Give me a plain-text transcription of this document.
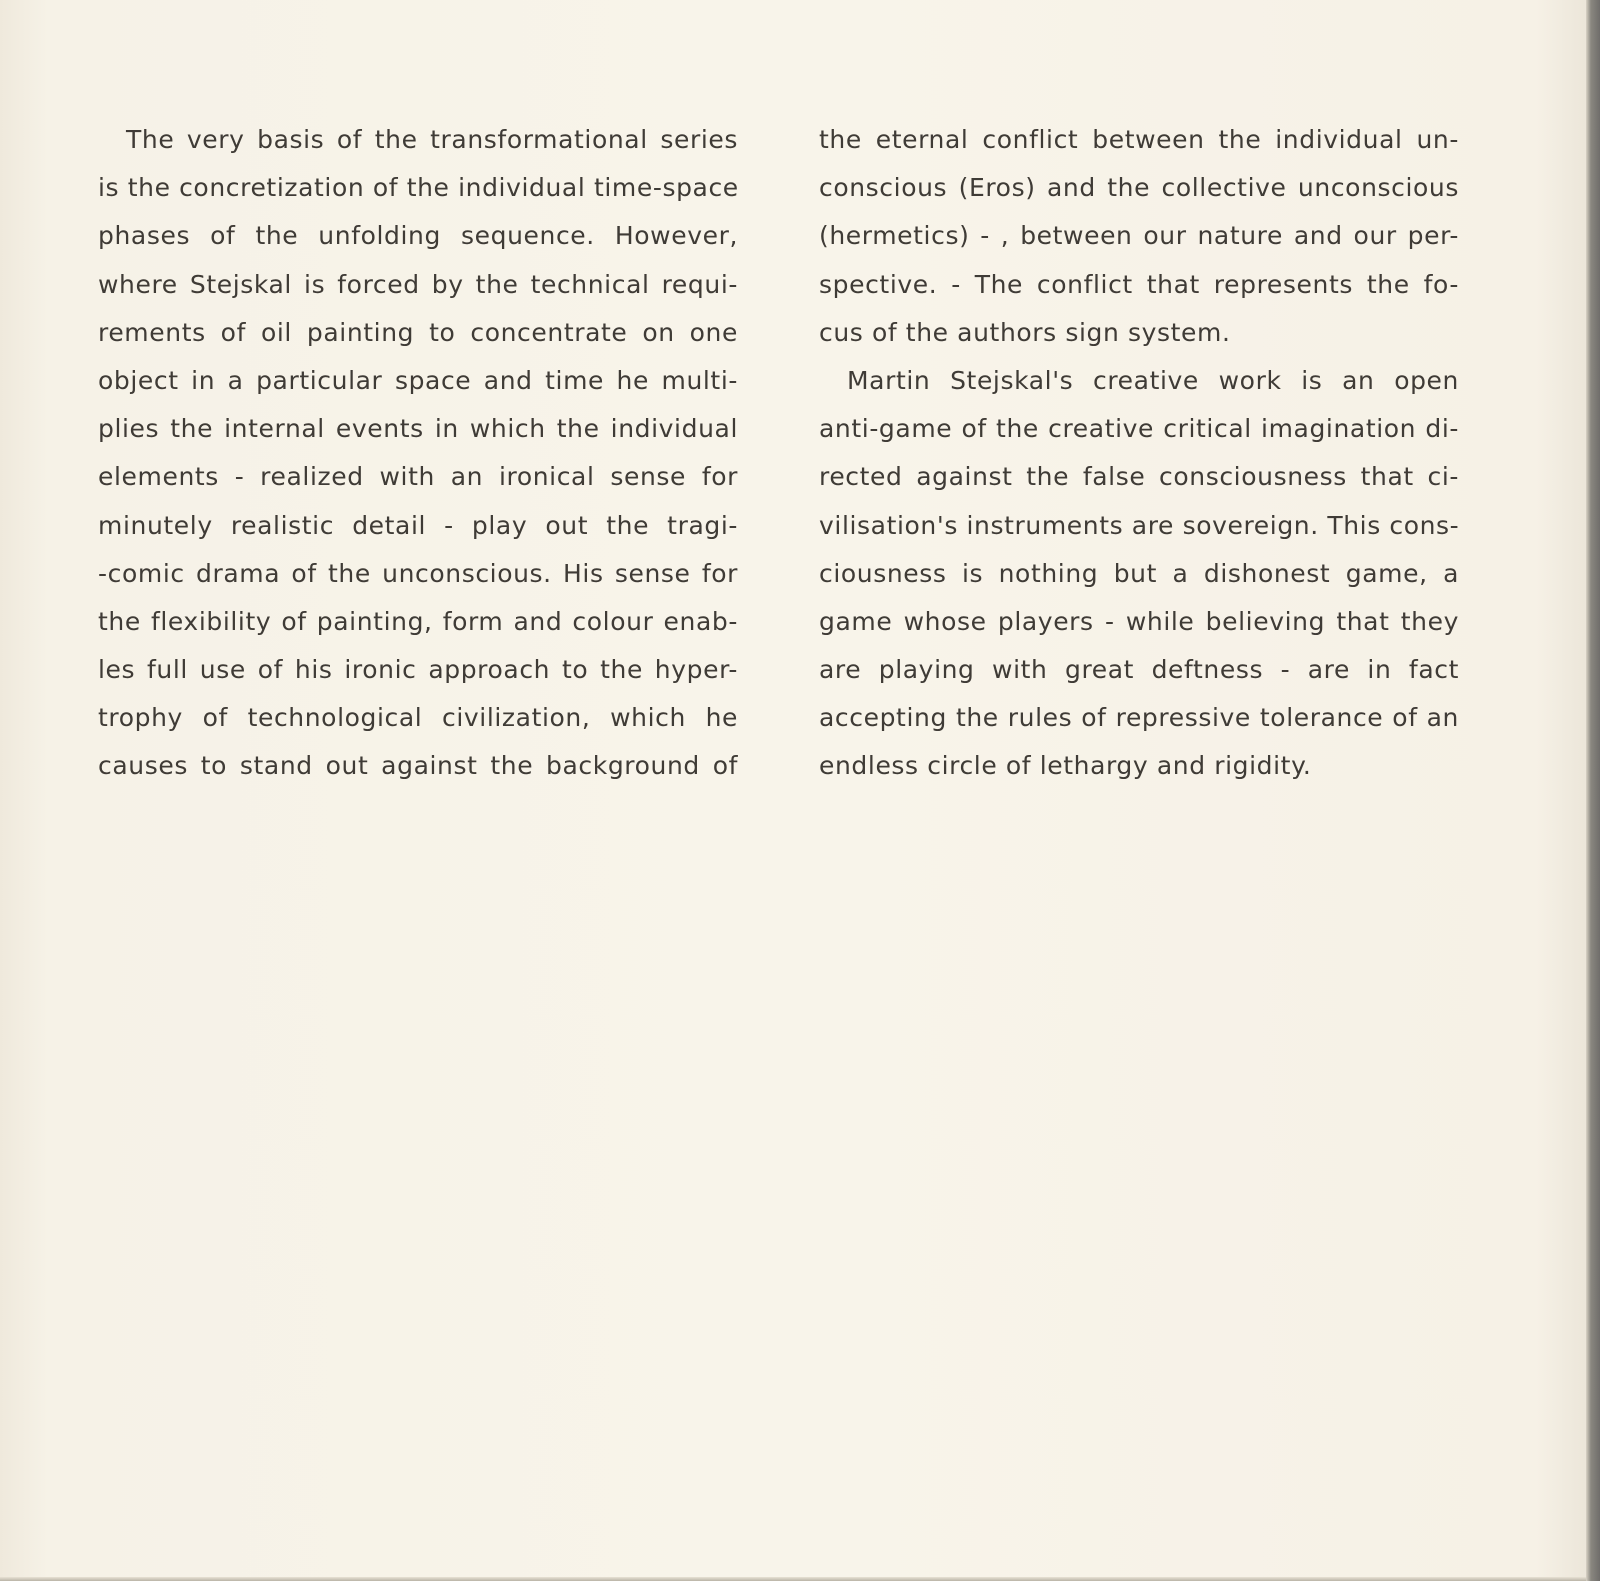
The very basis of the transformational series
is the concretization of the individual time-space
phases of the unfolding sequence. However,
where Stejskal is forced by the technical requi-
rements of oil painting to concentrate on one
object in a particular space and time he multi-
plies the internal events in which the individual
elements - realized with an ironical sense for
minutely realistic detail - play out the tragi-
-comic drama of the unconscious. His sense for
the flexibility of painting, form and colour enab-
les full use of his ironic approach to the hyper-
trophy of technological civilization, which he
causes to stand out against the background of
the eternal conflict between the individual un-
conscious (Eros) and the collective unconscious
(hermetics) - , between our nature and our per-
spective. - The conflict that represents the fo-
cus of the authors sign system.
Martin Stejskal's creative work is an open
anti-game of the creative critical imagination di-
rected against the false consciousness that ci-
vilisation's instruments are sovereign. This cons-
ciousness is nothing but a dishonest game, a
game whose players - while believing that they
are playing with great deftness - are in fact
accepting the rules of repressive tolerance of an
endless circle of lethargy and rigidity.
